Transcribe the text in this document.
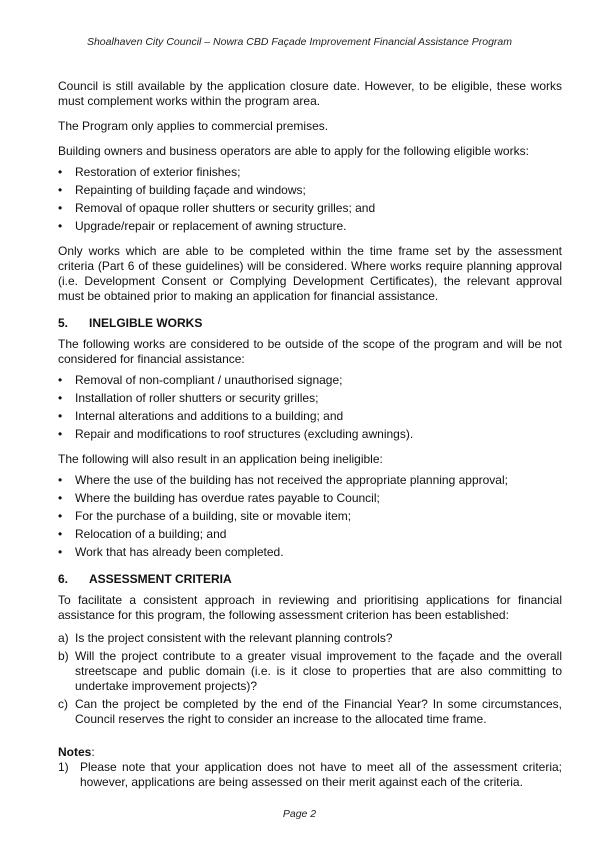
Shoalhaven City Council – Nowra CBD Façade Improvement Financial Assistance Program

Council is still available by the application closure date. However, to be eligible, these works must complement works within the program area.

The Program only applies to commercial premises.

Building owners and business operators are able to apply for the following eligible works:

• Restoration of exterior finishes;
• Repainting of building façade and windows;
• Removal of opaque roller shutters or security grilles; and
• Upgrade/repair or replacement of awning structure.

Only works which are able to be completed within the time frame set by the assessment criteria (Part 6 of these guidelines) will be considered. Where works require planning approval (i.e. Development Consent or Complying Development Certificates), the relevant approval must be obtained prior to making an application for financial assistance.

5.	INELGIBLE WORKS

The following works are considered to be outside of the scope of the program and will be not considered for financial assistance:

• Removal of non-compliant / unauthorised signage;
• Installation of roller shutters or security grilles;
• Internal alterations and additions to a building; and
• Repair and modifications to roof structures (excluding awnings).

The following will also result in an application being ineligible:

• Where the use of the building has not received the appropriate planning approval;
• Where the building has overdue rates payable to Council;
• For the purchase of a building, site or movable item;
• Relocation of a building; and
• Work that has already been completed.
6.	ASSESSMENT CRITERIA

To facilitate a consistent approach in reviewing and prioritising applications for financial assistance for this program, the following assessment criterion has been established:

a) Is the project consistent with the relevant planning controls?
b) Will the project contribute to a greater visual improvement to the façade and the overall streetscape and public domain (i.e. is it close to properties that are also committing to undertake improvement projects)?
c) Can the project be completed by the end of the Financial Year? In some circumstances, Council reserves the right to consider an increase to the allocated time frame.
Notes:
1) Please note that your application does not have to meet all of the assessment criteria; however, applications are being assessed on their merit against each of the criteria.
Page 2
